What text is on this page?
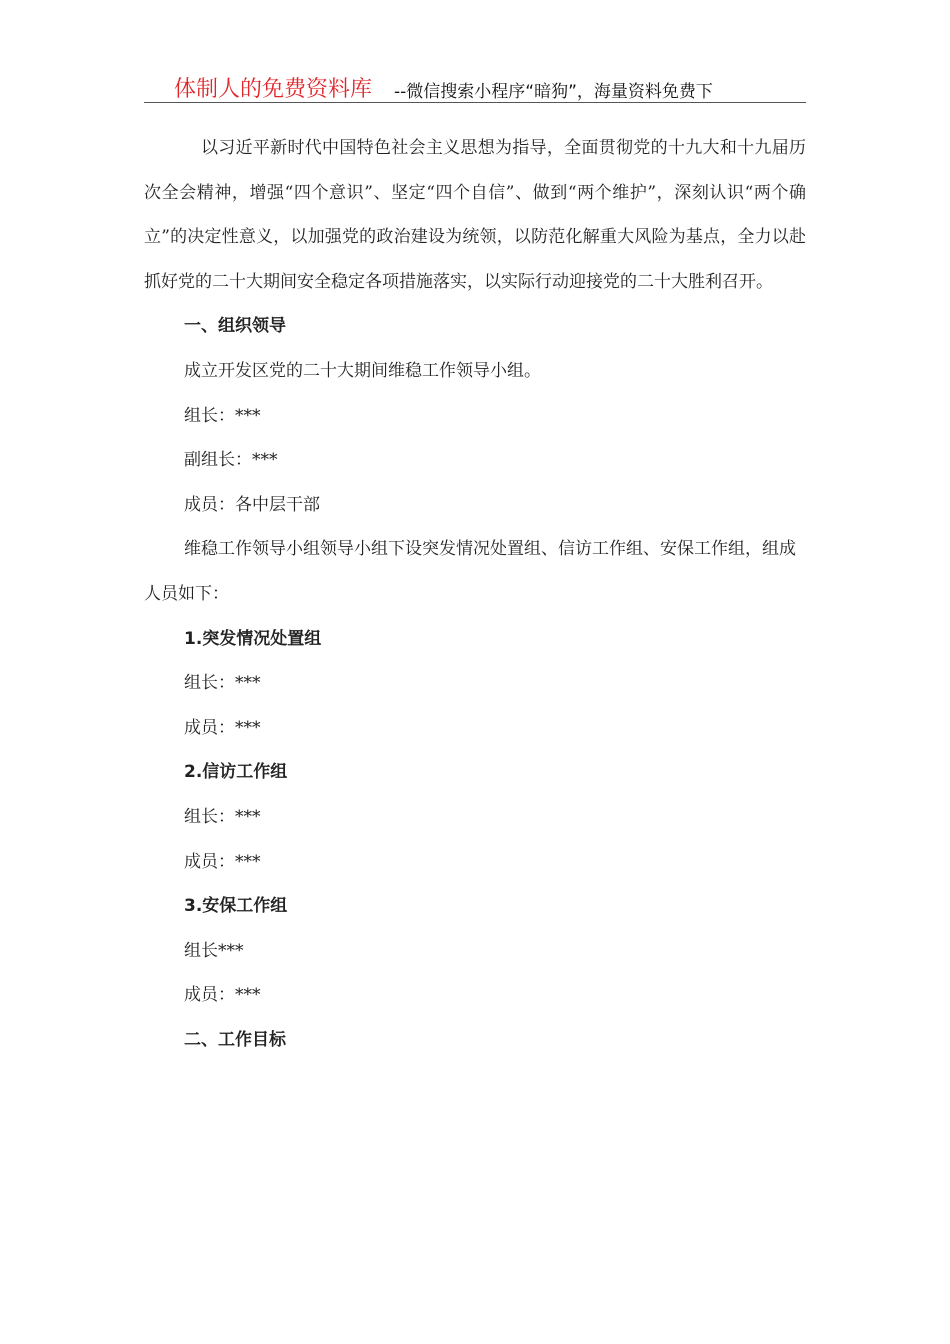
体制人的免费资料库 --微信搜索小程序“暗狗”，海量资料免费下

以习近平新时代中国特色社会主义思想为指导，全面贯彻党的十九大和十九届历次全会精神，增强“四个意识”、坚定“四个自信”、做到“两个维护”，深刻认识“两个确立”的决定性意义，以加强党的政治建设为统领，以防范化解重大风险为基点，全力以赴抓好党的二十大期间安全稳定各项措施落实，以实际行动迎接党的二十大胜利召开。

一、组织领导
成立开发区党的二十大期间维稳工作领导小组。
组长：***
副组长：***
成员：各中层干部

维稳工作领导小组领导小组下设突发情况处置组、信访工作组、安保工作组，组成人员如下：

1.突发情况处置组
组长：***
成员：***
2.信访工作组
组长：***
成员：***
3.安保工作组
组长***
成员：***
二、工作目标
